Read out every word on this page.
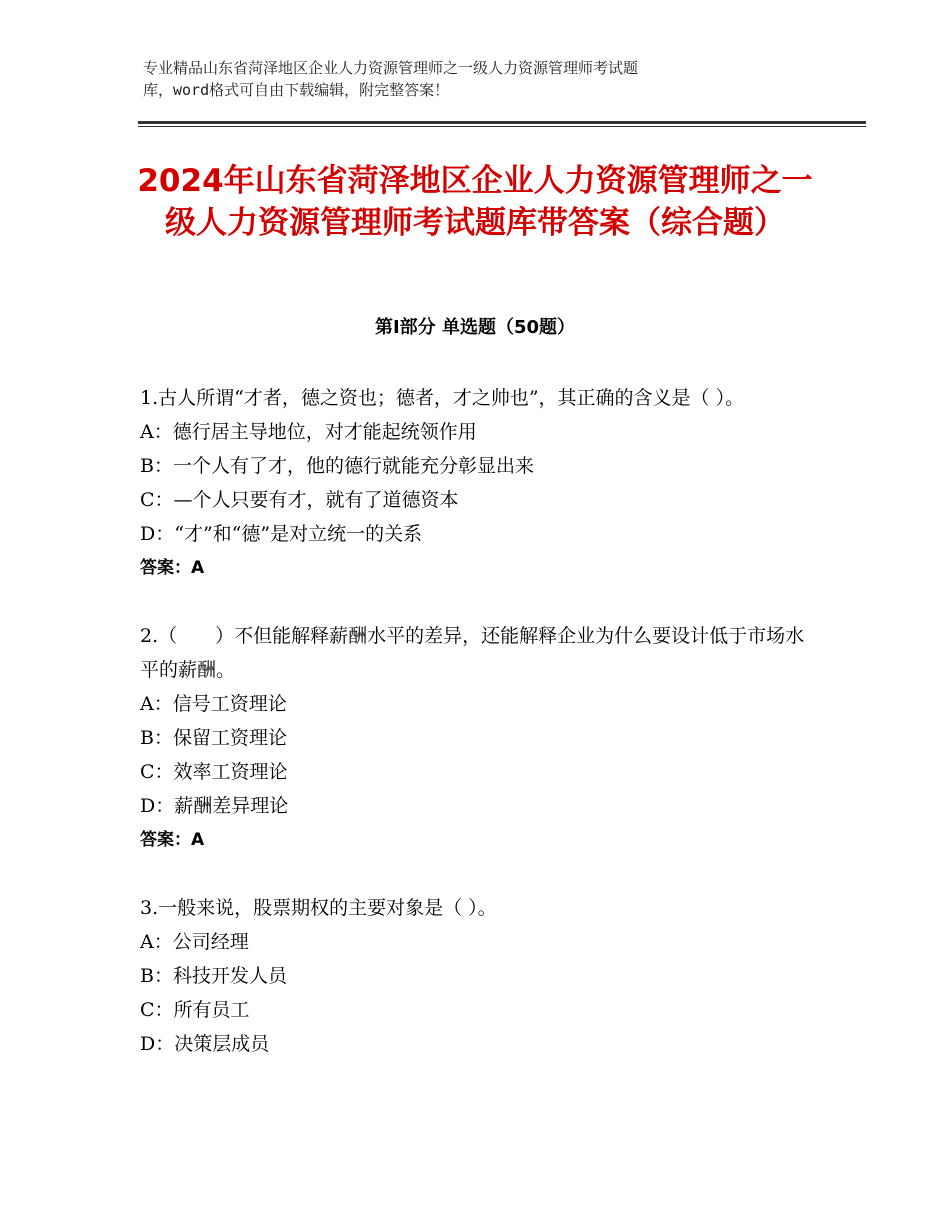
专业精品山东省菏泽地区企业人力资源管理师之一级人力资源管理师考试题
库，word格式可自由下载编辑，附完整答案！
2024年山东省菏泽地区企业人力资源管理师之一级人力资源管理师考试题库带答案（综合题）
第Ⅰ部分 单选题（50题）
1.古人所谓“才者，德之资也；德者，才之帅也”，其正确的含义是（ ）。
A：德行居主导地位，对才能起统领作用
B：一个人有了才，他的德行就能充分彰显出来
C：—个人只要有才，就有了道德资本
D：“才”和“德”是对立统一的关系
答案：A
2.（　　）不但能解释薪酬水平的差异，还能解释企业为什么要设计低于市场水平的薪酬。
A：信号工资理论
B：保留工资理论
C：效率工资理论
D：薪酬差异理论
答案：A
3.一般来说，股票期权的主要对象是（ ）。
A：公司经理
B：科技开发人员
C：所有员工
D：决策层成员
